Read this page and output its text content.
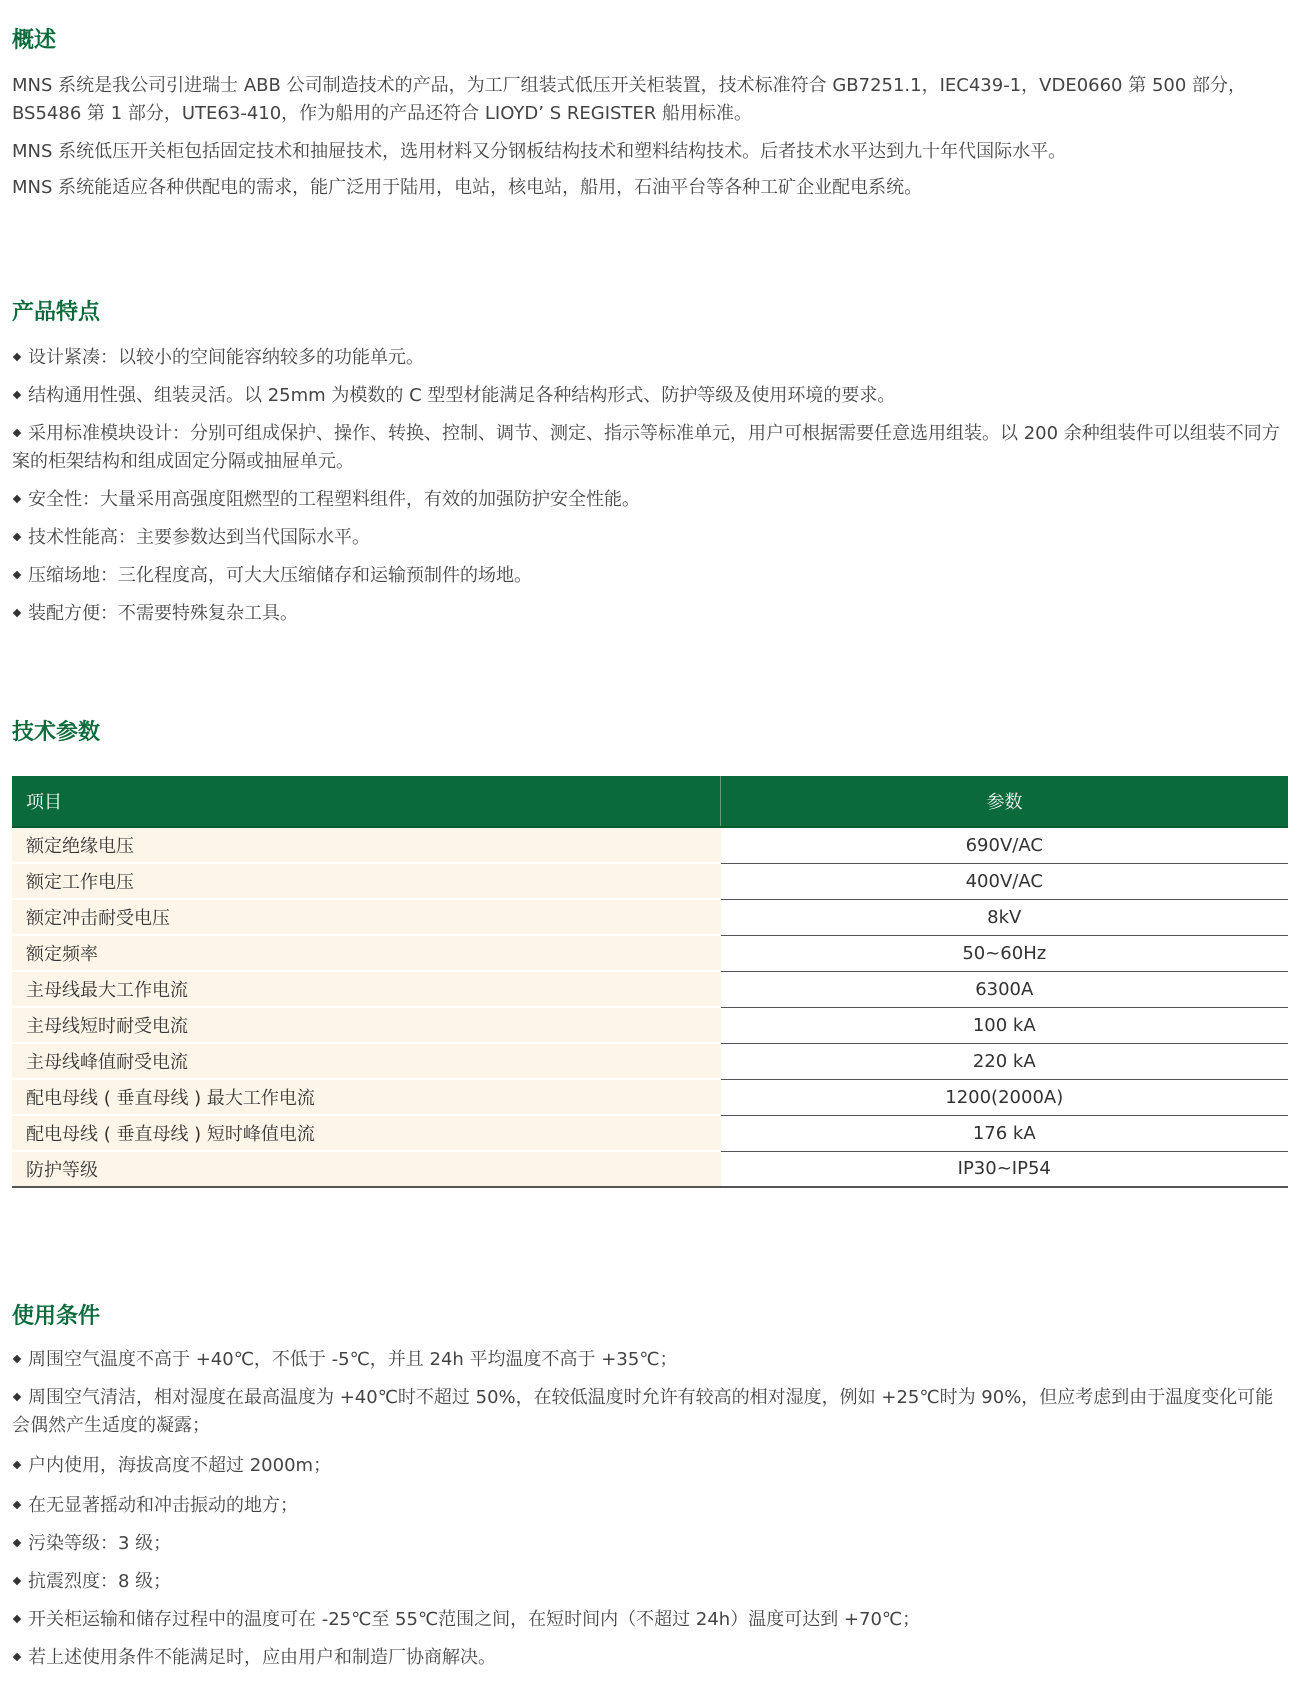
概述

MNS 系统是我公司引进瑞士 ABB 公司制造技术的产品，为工厂组装式低压开关柜装置，技术标准符合 GB7251.1，IEC439-1，VDE0660 第 500 部分，BS5486 第 1 部分，UTE63-410，作为船用的产品还符合 LIOYD’ S REGISTER 船用标准。

MNS 系统低压开关柜包括固定技术和抽屉技术，选用材料又分钢板结构技术和塑料结构技术。后者技术水平达到九十年代国际水平。

MNS 系统能适应各种供配电的需求，能广泛用于陆用，电站，核电站，船用，石油平台等各种工矿企业配电系统。

产品特点

设计紧凑：以较小的空间能容纳较多的功能单元。

结构通用性强、组装灵活。以 25mm 为模数的 C 型型材能满足各种结构形式、防护等级及使用环境的要求。

采用标准模块设计：分别可组成保护、操作、转换、控制、调节、测定、指示等标准单元，用户可根据需要任意选用组装。以 200 余种组装件可以组装不同方案的柜架结构和组成固定分隔或抽屉单元。

安全性：大量采用高强度阻燃型的工程塑料组件，有效的加强防护安全性能。

技术性能高：主要参数达到当代国际水平。

压缩场地：三化程度高，可大大压缩储存和运输预制件的场地。

装配方便：不需要特殊复杂工具。

技术参数
项目	参数
额定绝缘电压	690V/AC
额定工作电压	400V/AC
额定冲击耐受电压	8kV
额定频率	50~60Hz
主母线最大工作电流	6300A
主母线短时耐受电流	100 kA
主母线峰值耐受电流	220 kA
配电母线 ( 垂直母线 ) 最大工作电流	1200(2000A)
配电母线 ( 垂直母线 ) 短时峰值电流	176 kA
防护等级	IP30~IP54
使用条件

周围空气温度不高于 +40℃，不低于 -5℃，并且 24h 平均温度不高于 +35℃；

周围空气清洁，相对湿度在最高温度为 +40℃时不超过 50%，在较低温度时允许有较高的相对湿度，例如 +25℃时为 90%，但应考虑到由于温度变化可能会偶然产生适度的凝露；

户内使用，海拔高度不超过 2000m；

在无显著摇动和冲击振动的地方；

污染等级：3 级；

抗震烈度：8 级；

开关柜运输和储存过程中的温度可在 -25℃至 55℃范围之间，在短时间内（不超过 24h）温度可达到 +70℃；

若上述使用条件不能满足时，应由用户和制造厂协商解决。
